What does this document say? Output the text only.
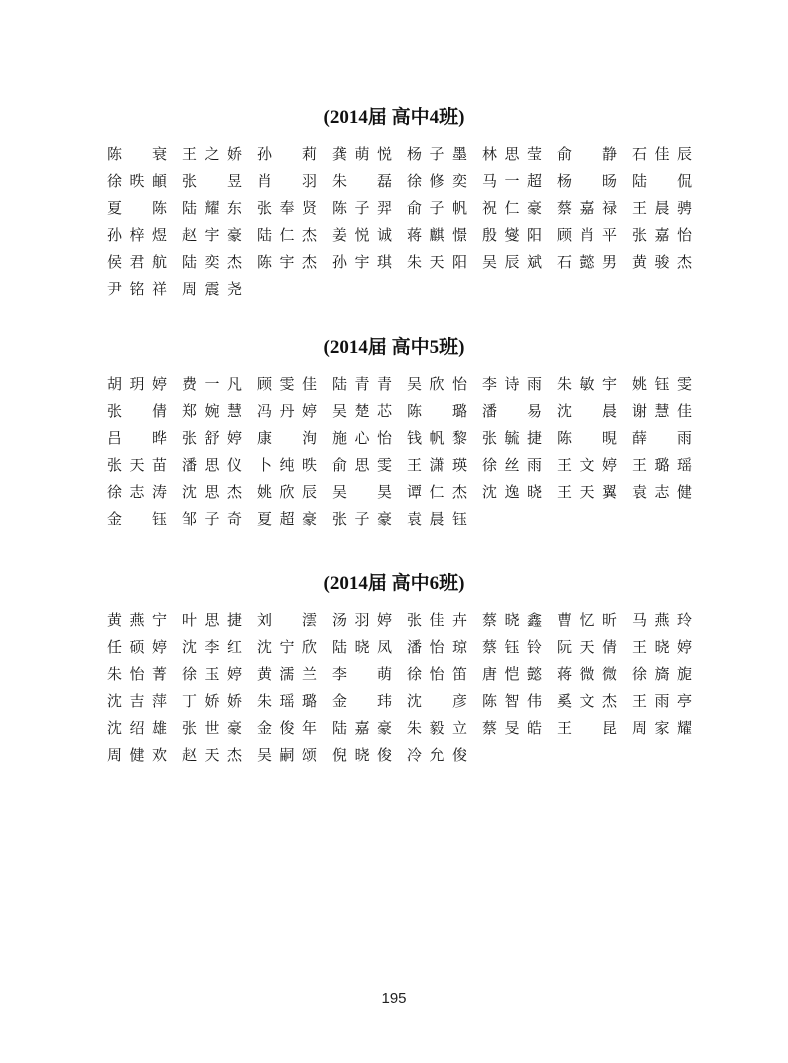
(2014届 高中4班)
陈　衰 王之娇 孙　莉 龚萌悦 杨子墨 林思莹 俞　静 石佳辰
徐昳頔 张　昱 肖　羽 朱　磊 徐修奕 马一超 杨　旸 陆　侃
夏　陈 陆耀东 张奉贤 陈子羿 俞子帆 祝仁豪 蔡嘉禄 王晨骋
孙梓煜 赵宇豪 陆仁杰 姜悦诚 蒋麒憬 殷燮阳 顾肖平 张嘉怡
侯君航 陆奕杰 陈宇杰 孙宇琪 朱天阳 吴辰斌 石懿男 黄骏杰
尹铭祥 周震尧
(2014届 高中5班)
胡玥婷 费一凡 顾雯佳 陆青青 吴欣怡 李诗雨 朱敏宇 姚钰雯
张　倩 郑婉慧 冯丹婷 吴楚芯 陈　璐 潘　易 沈　晨 谢慧佳
吕　晔 张舒婷 康　洵 施心怡 钱帆黎 张毓捷 陈　晛 薛　雨
张天苗 潘思仪 卜纯昳 俞思雯 王潇瑛 徐丝雨 王文婷 王璐瑶
徐志涛 沈思杰 姚欣辰 吴　昊 谭仁杰 沈逸晓 王天翼 袁志健
金　钰 邹子奇 夏超豪 张子豪 袁晨钰
(2014届 高中6班)
黄燕宁 叶思捷 刘　澐 汤羽婷 张佳卉 蔡晓鑫 曹忆昕 马燕玲
任硕婷 沈李红 沈宁欣 陆晓凤 潘怡琼 蔡钰铃 阮天倩 王晓婷
朱怡菁 徐玉婷 黄濡兰 李　萌 徐怡笛 唐恺懿 蒋微微 徐旖旎
沈吉萍 丁娇娇 朱瑶璐 金　玮 沈　彦 陈智伟 奚文杰 王雨亭
沈绍雄 张世豪 金俊年 陆嘉豪 朱毅立 蔡旻皓 王　昆 周家耀
周健欢 赵天杰 吴嗣颂 倪晓俊 冷允俊
195
